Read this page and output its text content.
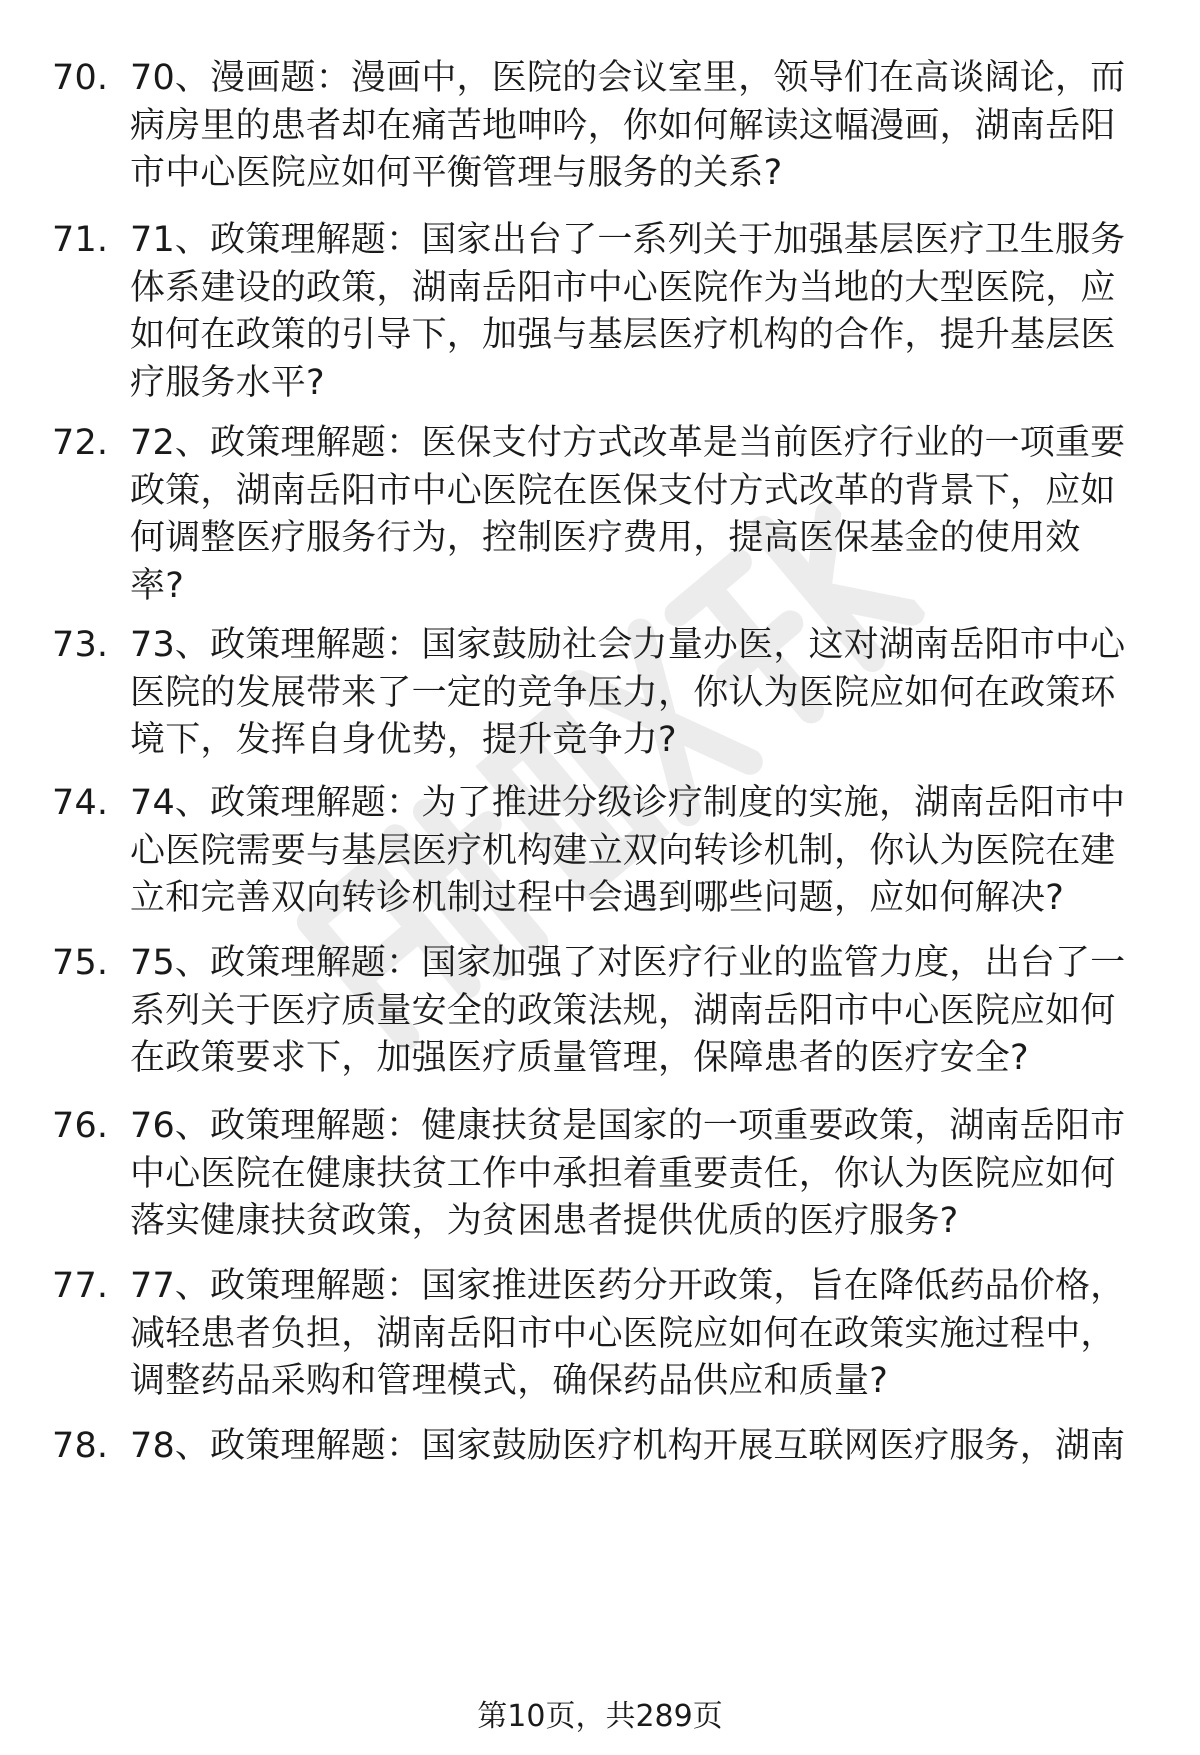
70. 70、漫画题：漫画中，医院的会议室里，领导们在高谈阔论，而
病房里的患者却在痛苦地呻吟，你如何解读这幅漫画，湖南岳阳
市中心医院应如何平衡管理与服务的关系?
71. 71、政策理解题：国家出台了一系列关于加强基层医疗卫生服务
体系建设的政策，湖南岳阳市中心医院作为当地的大型医院，应
如何在政策的引导下，加强与基层医疗机构的合作，提升基层医
疗服务水平?
72. 72、政策理解题：医保支付方式改革是当前医疗行业的一项重要
政策，湖南岳阳市中心医院在医保支付方式改革的背景下，应如
何调整医疗服务行为，控制医疗费用，提高医保基金的使用效
率?
73. 73、政策理解题：国家鼓励社会力量办医，这对湖南岳阳市中心
医院的发展带来了一定的竞争压力，你认为医院应如何在政策环
境下，发挥自身优势，提升竞争力?
74. 74、政策理解题：为了推进分级诊疗制度的实施，湖南岳阳市中
心医院需要与基层医疗机构建立双向转诊机制，你认为医院在建
立和完善双向转诊机制过程中会遇到哪些问题，应如何解决?
75. 75、政策理解题：国家加强了对医疗行业的监管力度，出台了一
系列关于医疗质量安全的政策法规，湖南岳阳市中心医院应如何
在政策要求下，加强医疗质量管理，保障患者的医疗安全?
76. 76、政策理解题：健康扶贫是国家的一项重要政策，湖南岳阳市
中心医院在健康扶贫工作中承担着重要责任，你认为医院应如何
落实健康扶贫政策，为贫困患者提供优质的医疗服务?
77. 77、政策理解题：国家推进医药分开政策，旨在降低药品价格，
减轻患者负担，湖南岳阳市中心医院应如何在政策实施过程中，
调整药品采购和管理模式，确保药品供应和质量?
78. 78、政策理解题：国家鼓励医疗机构开展互联网医疗服务，湖南
第10页，共289页
